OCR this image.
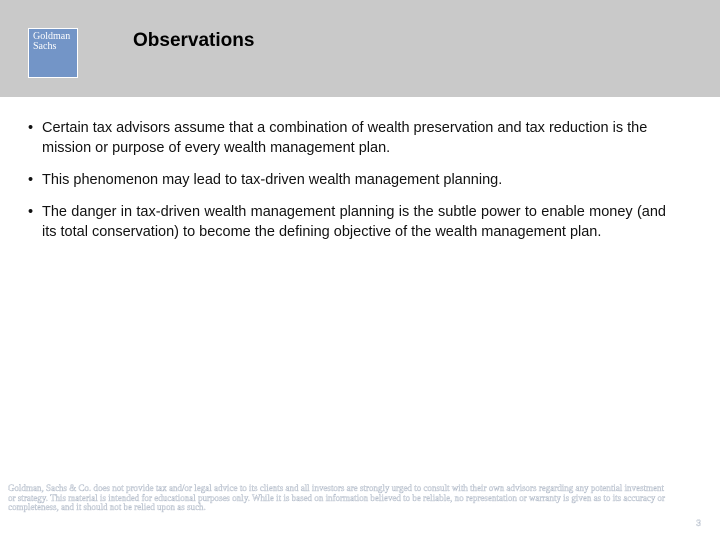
Goldman
Sachs	Observations
• Certain tax advisors assume that a combination of wealth preservation and tax reduction is the mission or purpose of every wealth management plan.
• This phenomenon may lead to tax-driven wealth management planning.
• The danger in tax-driven wealth management planning is the subtle power to enable money (and its total conservation) to become the defining objective of the wealth management plan.
Goldman, Sachs & Co. does not provide tax and/or legal advice to its clients and all investors are strongly urged to consult with their own advisors regarding any potential investment or strategy. This material is intended for educational purposes only. While it is based on information believed to be reliable, no representation or warranty is given as to its accuracy or completeness, and it should not be relied upon as such.
3
